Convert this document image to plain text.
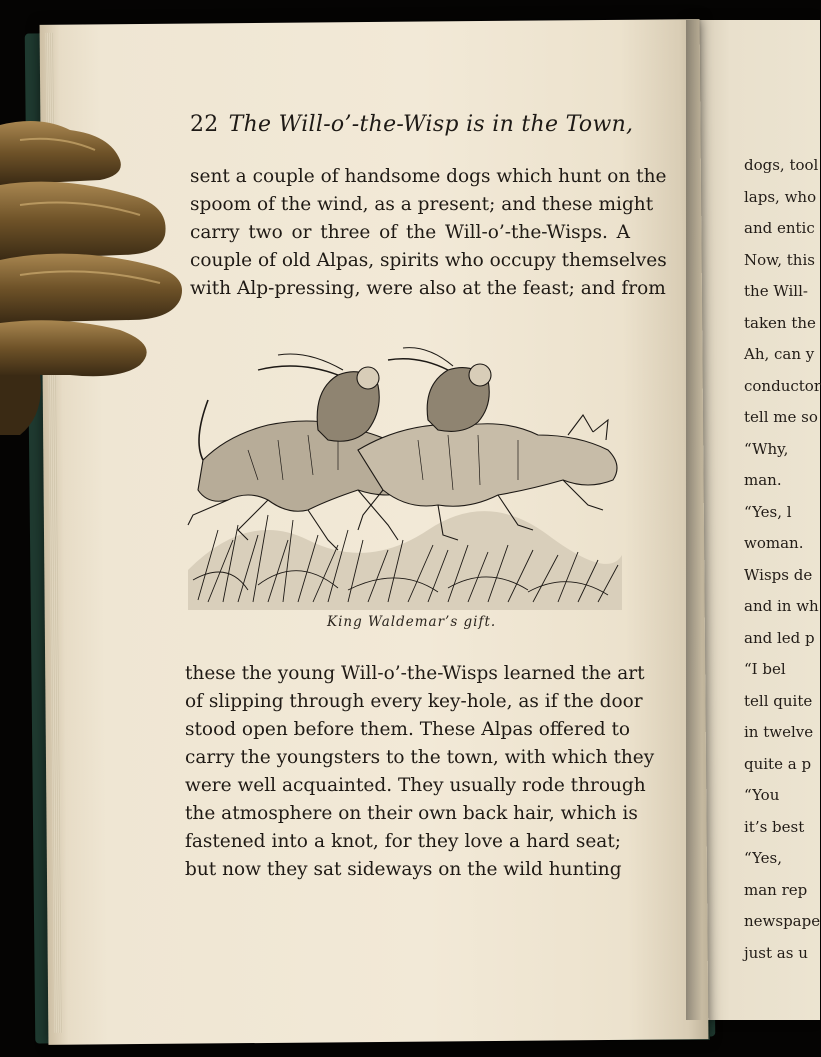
dogs, tool
laps, who
and entic
Now, this
the Will-
taken the
Ah, can y
conductor
tell me so
“Why,
man.
“Yes, l
woman.
Wisps de
and in wh
and led p
“I bel
tell quite
in twelve
quite a p
“You
it’s best
“Yes,
man rep
newspape
just as u
22 The Will-o’-the-Wisp is in the Town,
sent a couple of handsome dogs which hunt on the
spoom of the wind, as a present; and these might
carry two or three of the Will-o’-the-Wisps. A
couple of old Alpas, spirits who occupy themselves
with Alp-pressing, were also at the feast; and from
King Waldemar’s gift.
these the young Will-o’-the-Wisps learned the art
of slipping through every key-hole, as if the door
stood open before them. These Alpas offered to
carry the youngsters to the town, with which they
were well acquainted. They usually rode through
the atmosphere on their own back hair, which is
fastened into a knot, for they love a hard seat;
but now they sat sideways on the wild hunting
